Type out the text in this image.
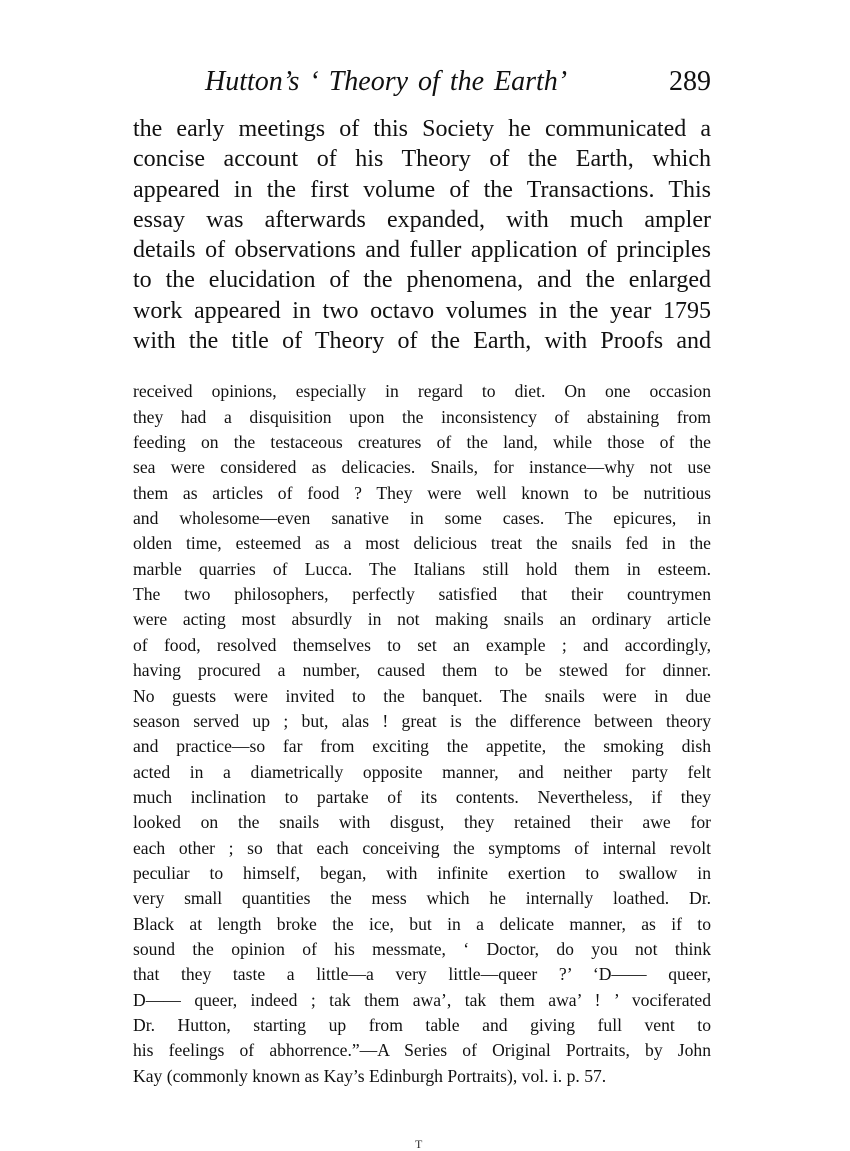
Hutton’s ‘ Theory of the Earth’	289
the early meetings of this Society he communicated a
concise account of his Theory of the Earth, which
appeared in the first volume of the Transactions. This
essay was afterwards expanded, with much ampler
details of observations and fuller application of principles
to the elucidation of the phenomena, and the enlarged
work appeared in two octavo volumes in the year 1795
with the title of Theory of the Earth, with Proofs and
received opinions, especially in regard to diet. On one occasion
they had a disquisition upon the inconsistency of abstaining from
feeding on the testaceous creatures of the land, while those of the
sea were considered as delicacies. Snails, for instance—why not use
them as articles of food ? They were well known to be nutritious
and wholesome—even sanative in some cases. The epicures, in
olden time, esteemed as a most delicious treat the snails fed in the
marble quarries of Lucca. The Italians still hold them in esteem.
The two philosophers, perfectly satisfied that their countrymen
were acting most absurdly in not making snails an ordinary article
of food, resolved themselves to set an example ; and accordingly,
having procured a number, caused them to be stewed for dinner.
No guests were invited to the banquet. The snails were in due
season served up ; but, alas ! great is the difference between theory
and practice—so far from exciting the appetite, the smoking dish
acted in a diametrically opposite manner, and neither party felt
much inclination to partake of its contents. Nevertheless, if they
looked on the snails with disgust, they retained their awe for
each other ; so that each conceiving the symptoms of internal revolt
peculiar to himself, began, with infinite exertion to swallow in
very small quantities the mess which he internally loathed. Dr.
Black at length broke the ice, but in a delicate manner, as if to
sound the opinion of his messmate, ‘ Doctor, do you not think
that they taste a little—a very little—queer ?’ ‘D—— queer,
D—— queer, indeed ; tak them awa’, tak them awa’ ! ’ vociferated
Dr. Hutton, starting up from table and giving full vent to
his feelings of abhorrence.”—A Series of Original Portraits, by John
Kay (commonly known as Kay’s Edinburgh Portraits), vol. i. p. 57.
T
